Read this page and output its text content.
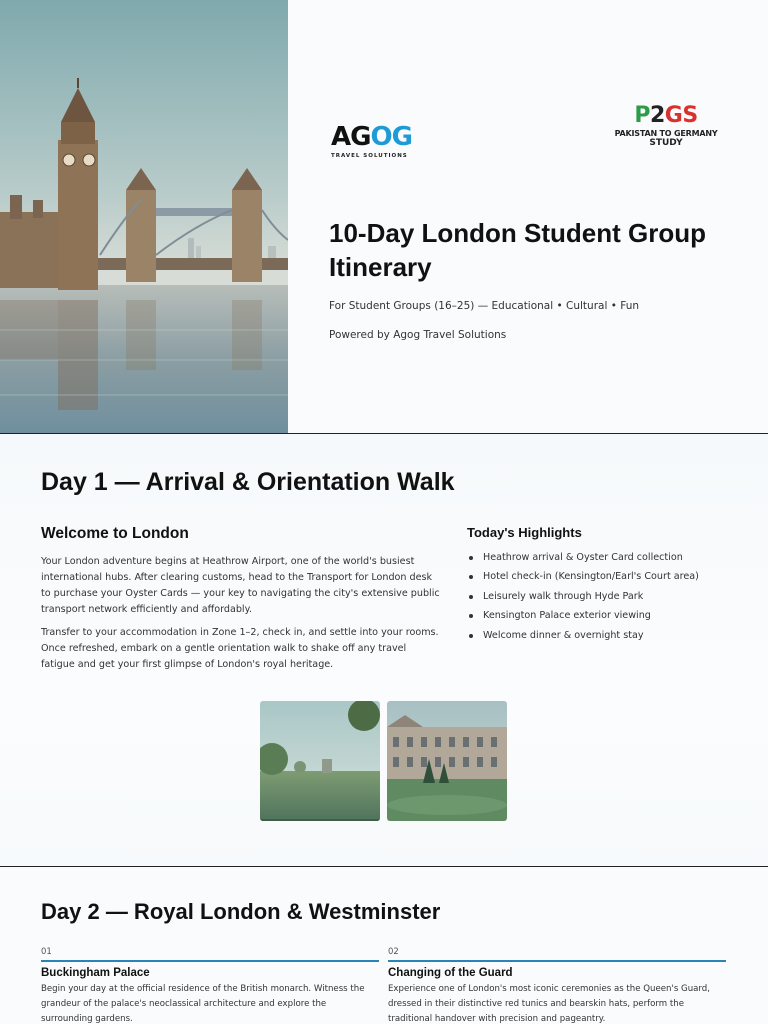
AGOG
TRAVEL SOLUTIONS
P2GS
PAKISTAN TO GERMANY
STUDY
10-Day London Student Group Itinerary
For Student Groups (16–25) — Educational • Cultural • Fun
Powered by Agog Travel Solutions
Day 1 — Arrival & Orientation Walk
Welcome to London

Your London adventure begins at Heathrow Airport, one of the world's busiest international hubs. After clearing customs, head to the Transport for London desk to purchase your Oyster Cards — your key to navigating the city's extensive public transport network efficiently and affordably.

Transfer to your accommodation in Zone 1–2, check in, and settle into your rooms. Once refreshed, embark on a gentle orientation walk to shake off any travel fatigue and get your first glimpse of London's royal heritage.

Today's Highlights
Heathrow arrival & Oyster Card collection
Hotel check-in (Kensington/Earl's Court area)
Leisurely walk through Hyde Park
Kensington Palace exterior viewing
Welcome dinner & overnight stay
Day 2 — Royal London & Westminster
01
Buckingham Palace

Begin your day at the official residence of the British monarch. Witness the grandeur of the palace's neoclassical architecture and explore the surrounding gardens.

02
Changing of the Guard

Experience one of London's most iconic ceremonies as the Queen's Guard, dressed in their distinctive red tunics and bearskin hats, perform the traditional handover with precision and pageantry.
